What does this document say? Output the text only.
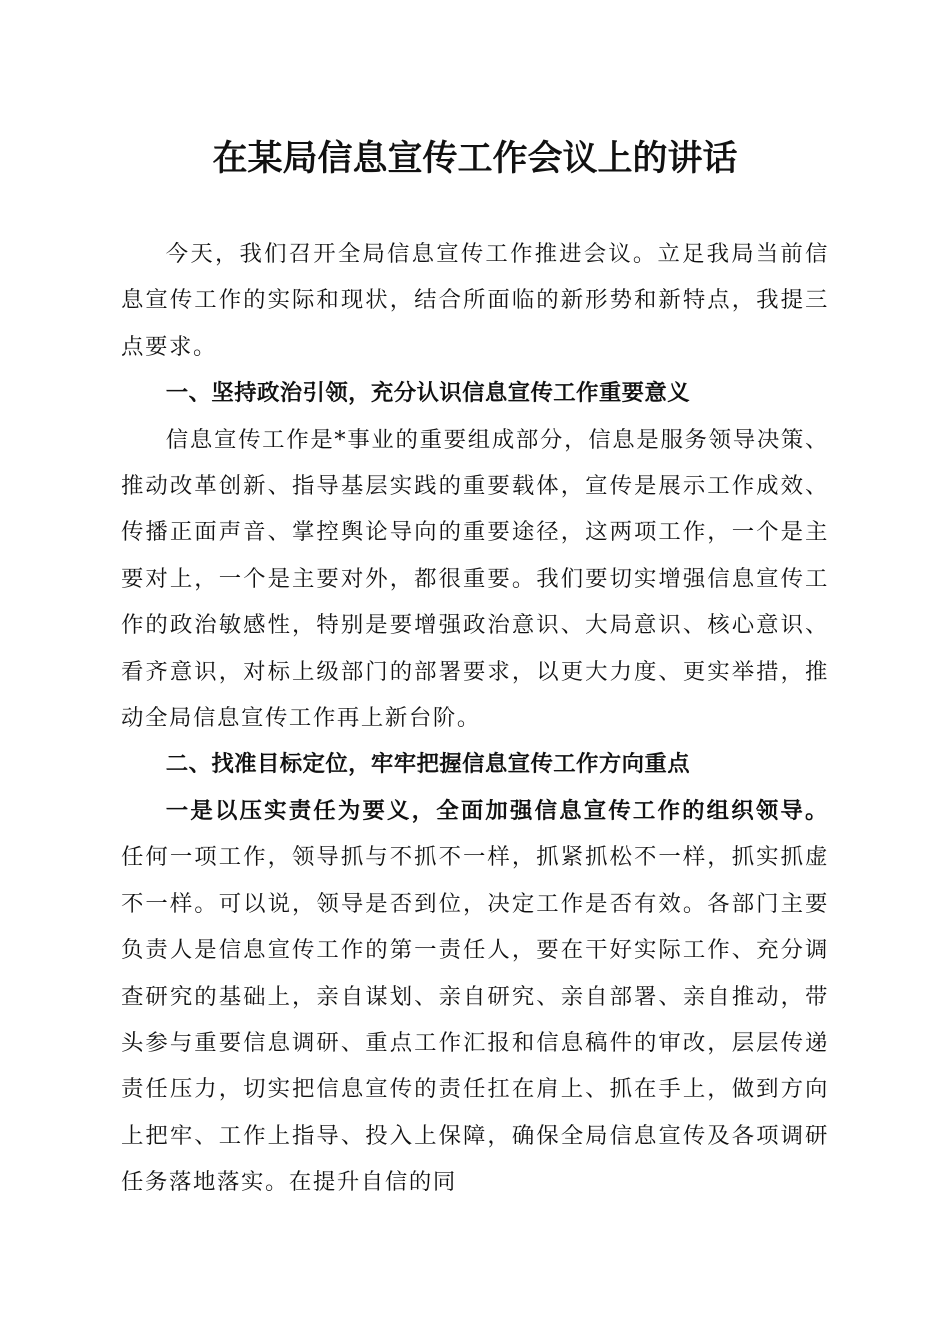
在某局信息宣传工作会议上的讲话

今天，我们召开全局信息宣传工作推进会议。立足我局当前信息宣传工作的实际和现状，结合所面临的新形势和新特点，我提三点要求。

一、坚持政治引领，充分认识信息宣传工作重要意义

信息宣传工作是*事业的重要组成部分，信息是服务领导决策、推动改革创新、指导基层实践的重要载体，宣传是展示工作成效、传播正面声音、掌控舆论导向的重要途径，这两项工作，一个是主要对上，一个是主要对外，都很重要。我们要切实增强信息宣传工作的政治敏感性，特别是要增强政治意识、大局意识、核心意识、看齐意识，对标上级部门的部署要求，以更大力度、更实举措，推动全局信息宣传工作再上新台阶。

二、找准目标定位，牢牢把握信息宣传工作方向重点

一是以压实责任为要义，全面加强信息宣传工作的组织领导。任何一项工作，领导抓与不抓不一样，抓紧抓松不一样，抓实抓虚不一样。可以说，领导是否到位，决定工作是否有效。各部门主要负责人是信息宣传工作的第一责任人，要在干好实际工作、充分调查研究的基础上，亲自谋划、亲自研究、亲自部署、亲自推动，带头参与重要信息调研、重点工作汇报和信息稿件的审改，层层传递责任压力，切实把信息宣传的责任扛在肩上、抓在手上，做到方向上把牢、工作上指导、投入上保障，确保全局信息宣传及各项调研任务落地落实。在提升自信的同
